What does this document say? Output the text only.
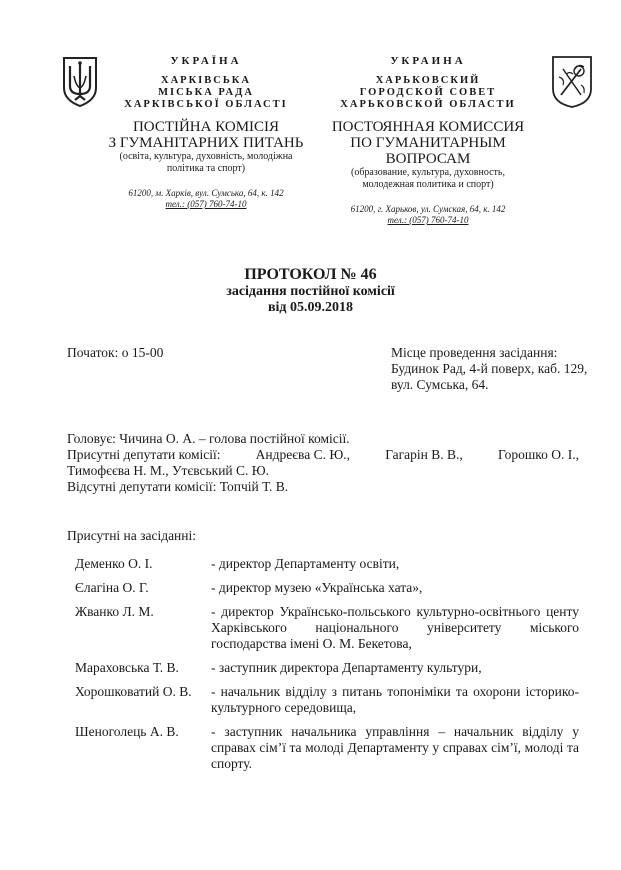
УКРАЇНА
ХАРКІВСЬКА
МІСЬКА РАДА
ХАРКІВСЬКОЇ ОБЛАСТІ
ПОСТІЙНА КОМІСІЯ
З ГУМАНІТАРНИХ ПИТАНЬ
(освіта, культура, духовність, молодіжна
політика та спорт)
61200, м. Харків, вул. Сумська, 64, к. 142
тел.: (057) 760-74-10
УКРАИНА
ХАРЬКОВСКИЙ
ГОРОДСКОЙ СОВЕТ
ХАРЬКОВСКОЙ ОБЛАСТИ
ПОСТОЯННАЯ КОМИССИЯ
ПО ГУМАНИТАРНЫМ ВОПРОСАМ
(образование, культура, духовность,
молодежная политика и спорт)
61200, г. Харьков, ул. Сумская, 64, к. 142
тел.: (057) 760-74-10
ПРОТОКОЛ № 46
засідання постійної комісії
від 05.09.2018
Початок: о 15-00	Місце проведення засідання:
Будинок Рад, 4-й поверх, каб. 129,
вул. Сумська, 64.
Головує: Чичина О. А. – голова постійної комісії.
Присутні депутати комісії:	Андреєва С. Ю.,	Гагарін В. В.,	Горошко О. І.,
Тимофєєва Н. М., Утєвський С. Ю.
Відсутні депутати комісії: Топчій Т. В.
Присутні на засіданні:
Деменко О. І.	- директор Департаменту освіти,
Єлагіна О. Г.	- директор музею «Українська хата»,
Жванко Л. М.	- директор Українсько-польського культурно-освітнього центу Харківського національного університету міського господарства імені О. М. Бекетова,
Мараховська Т. В. - заступник директора Департаменту культури,
Хорошковатий О. В. - начальник відділу з питань топоніміки та охорони історико-культурного середовища,
Шеноголець А. В. - заступник начальника управління – начальник відділу у справах сім’ї та молоді Департаменту у справах сім’ї, молоді та спорту.
